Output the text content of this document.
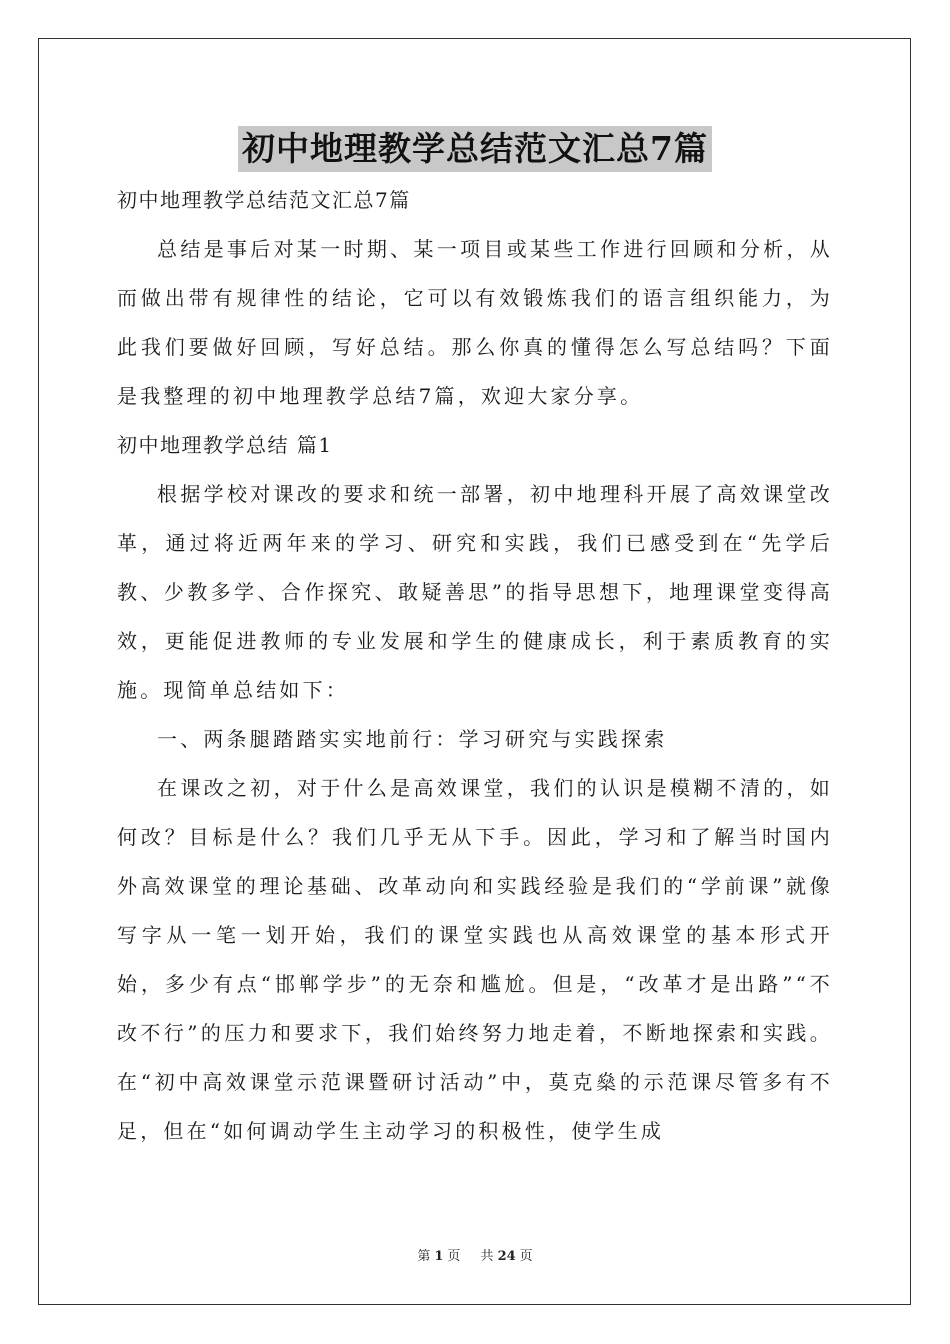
初中地理教学总结范文汇总7篇

初中地理教学总结范文汇总7篇

总结是事后对某一时期、某一项目或某些工作进行回顾和分析，从而做出带有规律性的结论，它可以有效锻炼我们的语言组织能力，为此我们要做好回顾，写好总结。那么你真的懂得怎么写总结吗？下面是我整理的初中地理教学总结7篇，欢迎大家分享。

初中地理教学总结 篇1

根据学校对课改的要求和统一部署，初中地理科开展了高效课堂改革，通过将近两年来的学习、研究和实践，我们已感受到在“先学后教、少教多学、合作探究、敢疑善思”的指导思想下，地理课堂变得高效，更能促进教师的专业发展和学生的健康成长，利于素质教育的实施。现简单总结如下：

一、两条腿踏踏实实地前行：学习研究与实践探索

在课改之初，对于什么是高效课堂，我们的认识是模糊不清的，如何改？目标是什么？我们几乎无从下手。因此，学习和了解当时国内外高效课堂的理论基础、改革动向和实践经验是我们的“学前课”就像写字从一笔一划开始，我们的课堂实践也从高效课堂的基本形式开始，多少有点“邯郸学步”的无奈和尴尬。但是，“改革才是出路”“不改不行”的压力和要求下，我们始终努力地走着，不断地探索和实践。在“初中高效课堂示范课暨研讨活动”中，莫克燊的示范课尽管多有不足，但在“如何调动学生主动学习的积极性，使学生成

第 1 页 共 24 页
